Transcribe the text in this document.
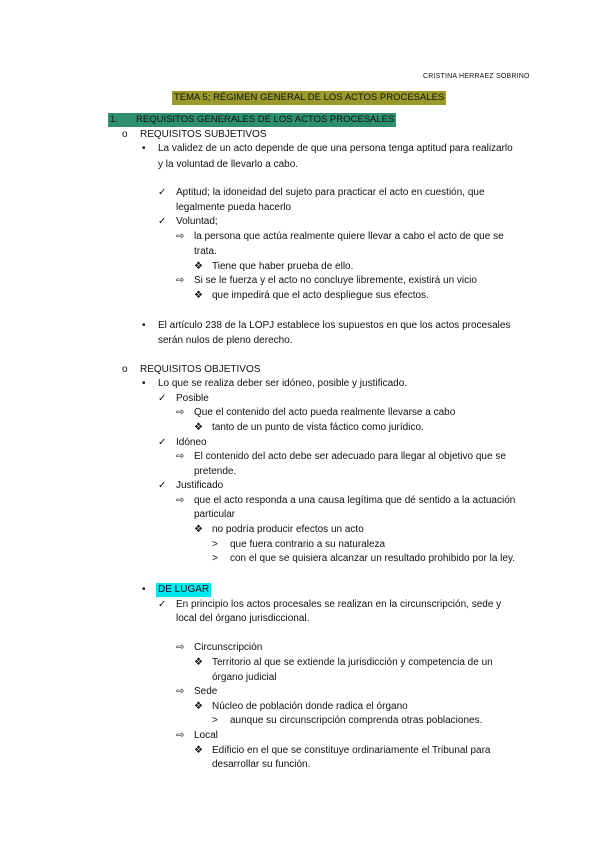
CRISTINA HERRAEZ SOBRINO
TEMA 5; RÉGIMEN GENERAL DE LOS ACTOS PROCESALES
1. REQUISITOS GENERALES DE LOS ACTOS PROCESALES
o	REQUISITOS SUBJETIVOS
•	La validez de un acto depende de que una persona tenga aptitud para realizarlo
y la voluntad de llevarlo a cabo.
✓ Aptitud; la idoneidad del sujeto para practicar el acto en cuestión, que
legalmente pueda hacerlo
✓ Voluntad;
⇨ la persona que actúa realmente quiere llevar a cabo el acto de que se
trata.
❖ Tiene que haber prueba de ello.
⇨ Si se le fuerza y el acto no concluye libremente, existirá un vicio
❖ que impedirá que el acto despliegue sus efectos.
•	El artículo 238 de la LOPJ establece los supuestos en que los actos procesales
serán nulos de pleno derecho.
o	REQUISITOS OBJETIVOS
•	Lo que se realiza deber ser idóneo, posible y justificado.
✓ Posible
⇨ Que el contenido del acto pueda realmente llevarse a cabo
❖ tanto de un punto de vista fáctico como jurídico.
✓ Idóneo
⇨ El contenido del acto debe ser adecuado para llegar al objetivo que se
pretende.
✓ Justificado
⇨ que el acto responda a una causa legítima que dé sentido a la actuación
particular
❖ no podría producir efectos un acto
>	que fuera contrario a su naturaleza
>	con el que se quisiera alcanzar un resultado prohibido por la ley.
•	DE LUGAR
✓ En principio los actos procesales se realizan en la circunscripción, sede y
local del órgano jurisdiccional.
⇨ Circunscripción
❖ Territorio al que se extiende la jurisdicción y competencia de un
órgano judicial
⇨ Sede
❖ Núcleo de población donde radica el órgano
>	aunque su circunscripción comprenda otras poblaciones.
⇨ Local
❖ Edificio en el que se constituye ordinariamente el Tribunal para
desarrollar su función.
